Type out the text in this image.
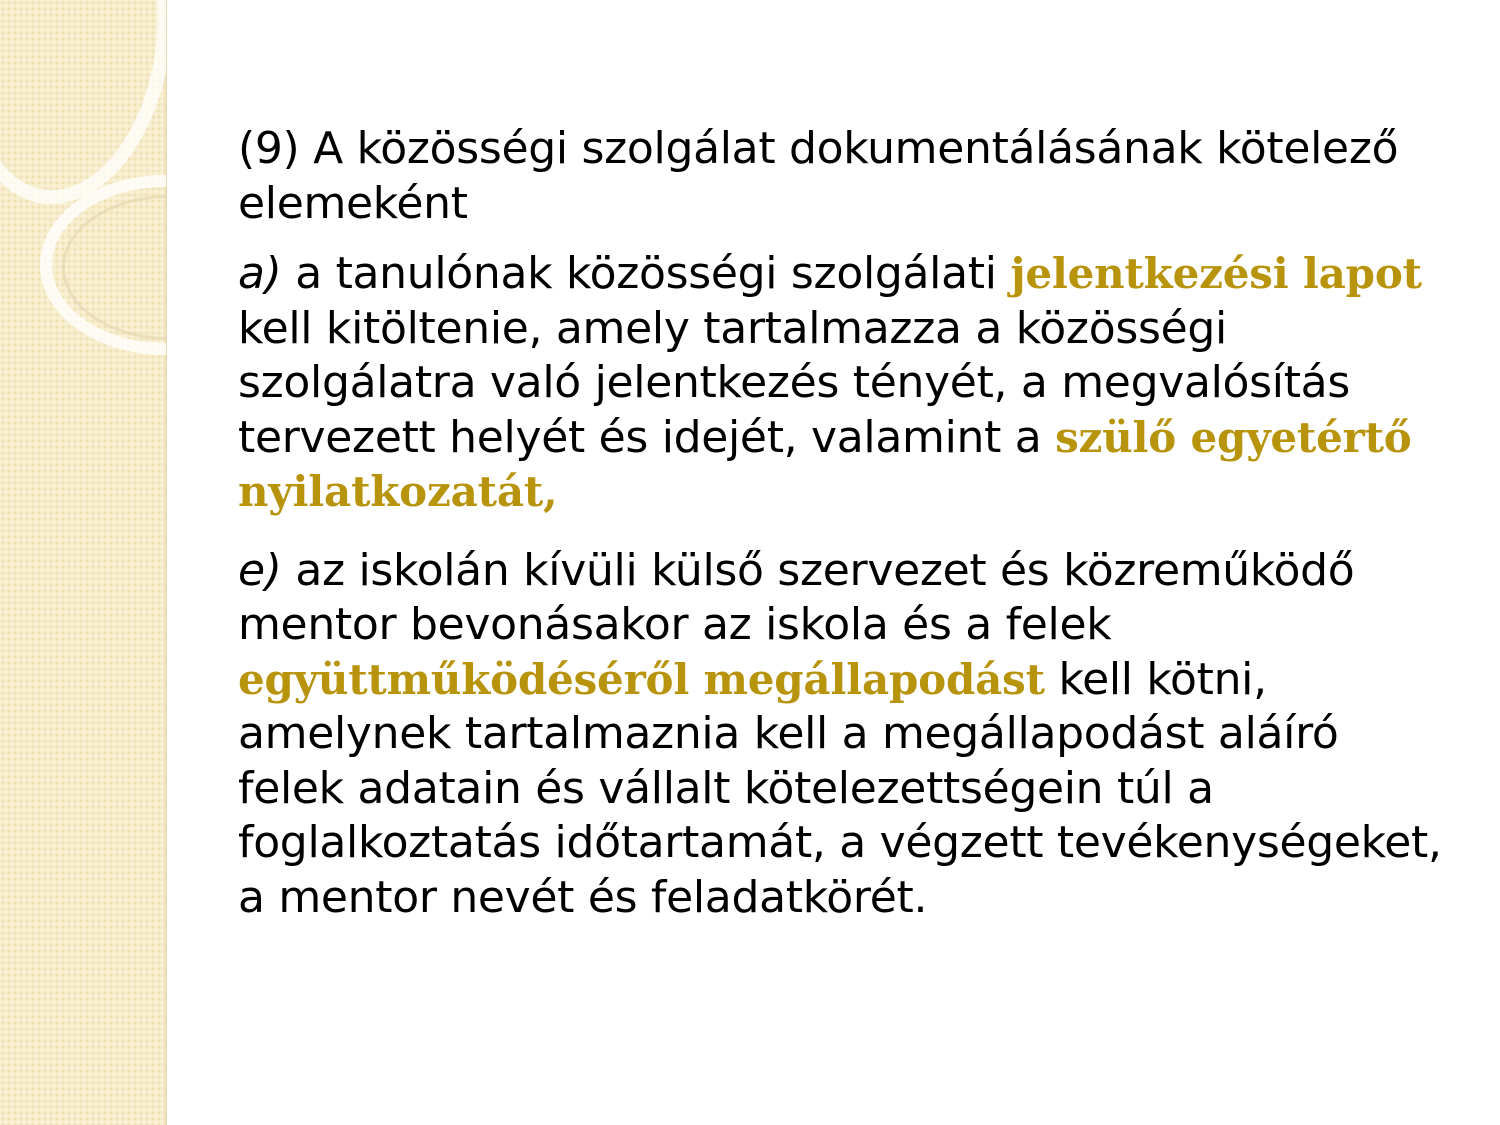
(9) A közösségi szolgálat dokumentálásának kötelező elemeként

a) a tanulónak közösségi szolgálati jelentkezési lapot kell kitöltenie, amely tartalmazza a közösségi szolgálatra való jelentkezés tényét, a megvalósítás tervezett helyét és idejét, valamint a szülő egyetértő nyilatkozatát,

e) az iskolán kívüli külső szervezet és közreműködő mentor bevonásakor az iskola és a felek együttműködéséről megállapodást kell kötni, amelynek tartalmaznia kell a megállapodást aláíró felek adatain és vállalt kötelezettségein túl a foglalkoztatás időtartamát, a végzett tevékenységeket, a mentor nevét és feladatkörét.
